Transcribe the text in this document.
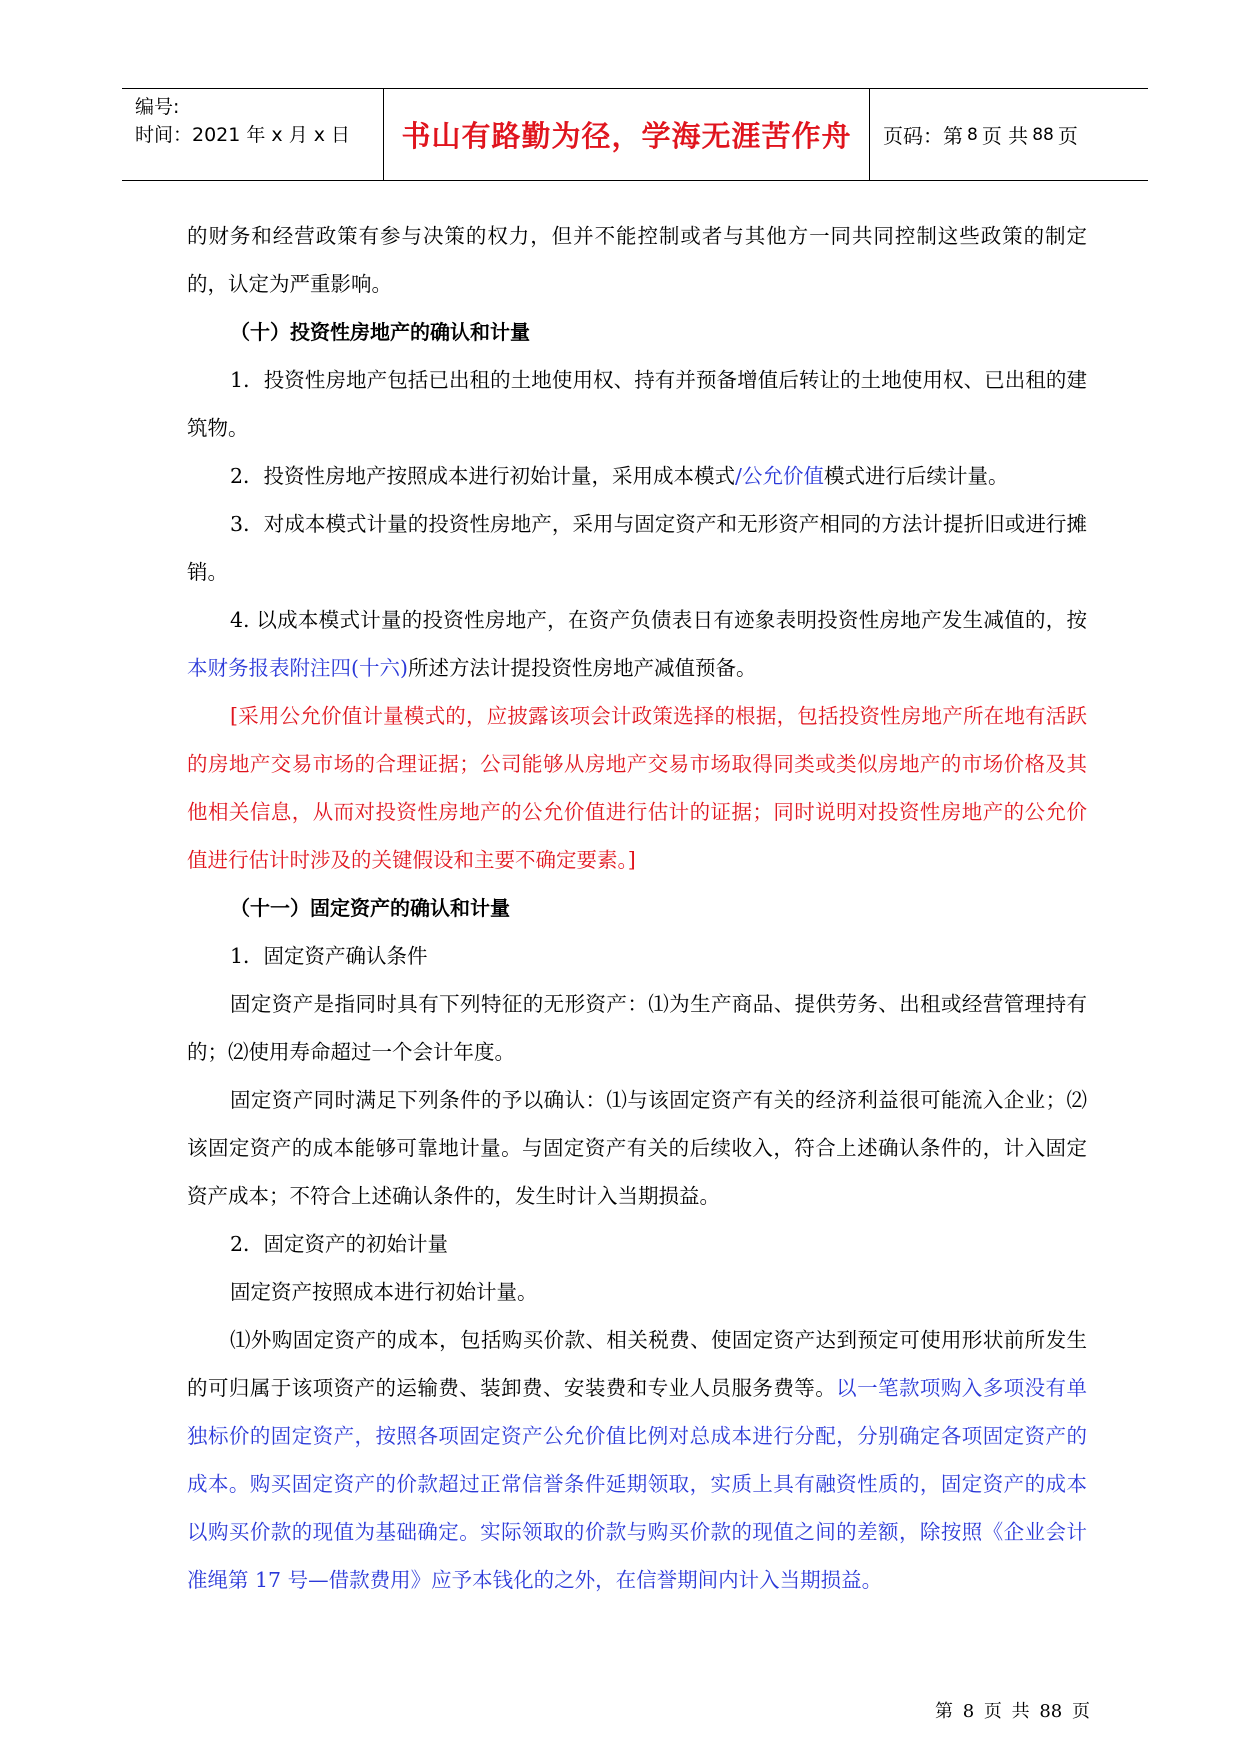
编号:
时间：2021 年 x 月 x 日	书山有路勤为径，学海无涯苦作舟	页码：第 8 页 共 88 页

的财务和经营政策有参与决策的权力，但并不能控制或者与其他方一同共同控制这些政策的制定的，认定为严重影响。

（十）投资性房地产的确认和计量

1．投资性房地产包括已出租的土地使用权、持有并预备增值后转让的土地使用权、已出租的建筑物。

2．投资性房地产按照成本进行初始计量，采用成本模式/公允价值模式进行后续计量。

3．对成本模式计量的投资性房地产，采用与固定资产和无形资产相同的方法计提折旧或进行摊销。

4. 以成本模式计量的投资性房地产，在资产负债表日有迹象表明投资性房地产发生减值的，按本财务报表附注四(十六)所述方法计提投资性房地产减值预备。

[采用公允价值计量模式的，应披露该项会计政策选择的根据，包括投资性房地产所在地有活跃的房地产交易市场的合理证据；公司能够从房地产交易市场取得同类或类似房地产的市场价格及其他相关信息，从而对投资性房地产的公允价值进行估计的证据；同时说明对投资性房地产的公允价值进行估计时涉及的关键假设和主要不确定要素。]

（十一）固定资产的确认和计量

1．固定资产确认条件

固定资产是指同时具有下列特征的无形资产：⑴为生产商品、提供劳务、出租或经营管理持有的；⑵使用寿命超过一个会计年度。

固定资产同时满足下列条件的予以确认：⑴与该固定资产有关的经济利益很可能流入企业；⑵该固定资产的成本能够可靠地计量。与固定资产有关的后续收入，符合上述确认条件的，计入固定资产成本；不符合上述确认条件的，发生时计入当期损益。

2．固定资产的初始计量

固定资产按照成本进行初始计量。

⑴外购固定资产的成本，包括购买价款、相关税费、使固定资产达到预定可使用形状前所发生的可归属于该项资产的运输费、装卸费、安装费和专业人员服务费等。以一笔款项购入多项没有单独标价的固定资产，按照各项固定资产公允价值比例对总成本进行分配，分别确定各项固定资产的成本。购买固定资产的价款超过正常信誉条件延期领取，实质上具有融资性质的，固定资产的成本以购买价款的现值为基础确定。实际领取的价款与购买价款的现值之间的差额，除按照《企业会计准绳第 17 号—借款费用》应予本钱化的之外，在信誉期间内计入当期损益。

第 8 页 共 88 页
